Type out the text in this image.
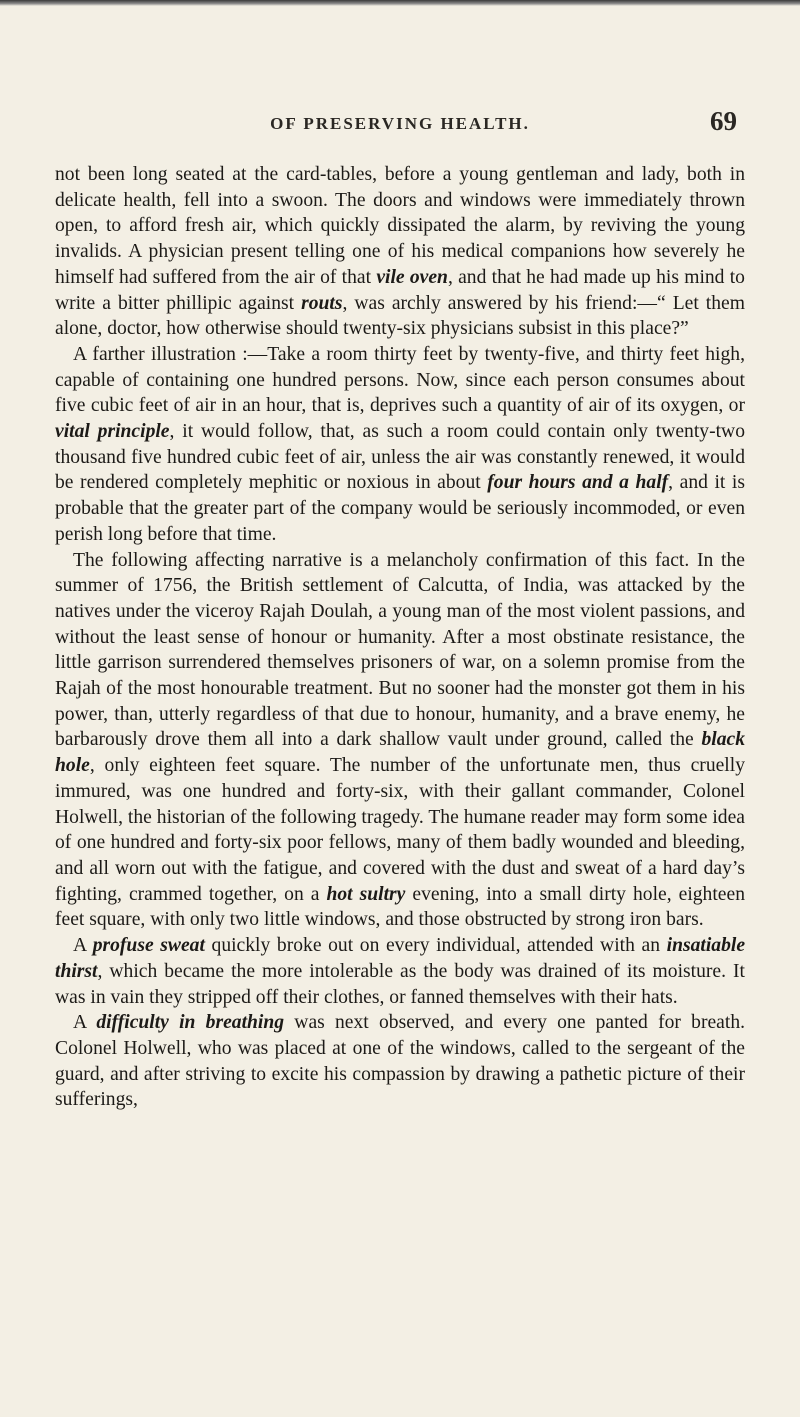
OF PRESERVING HEALTH.	69

not been long seated at the card-tables, before a young gentleman and lady, both in delicate health, fell into a swoon. The doors and windows were immediately thrown open, to afford fresh air, which quickly dissipated the alarm, by reviving the young invalids. A physician present telling one of his medical companions how severely he himself had suffered from the air of that vile oven, and that he had made up his mind to write a bitter phillipic against routs, was archly answered by his friend:—“ Let them alone, doctor, how otherwise should twenty-six physicians subsist in this place?”

A farther illustration :—Take a room thirty feet by twenty-five, and thirty feet high, capable of containing one hundred persons. Now, since each person consumes about five cubic feet of air in an hour, that is, deprives such a quantity of air of its oxygen, or vital principle, it would follow, that, as such a room could contain only twenty-two thousand five hundred cubic feet of air, unless the air was constantly renewed, it would be rendered completely mephitic or noxious in about four hours and a half, and it is probable that the greater part of the company would be seriously incommoded, or even perish long before that time.

The following affecting narrative is a melancholy confirmation of this fact. In the summer of 1756, the British settlement of Calcutta, of India, was attacked by the natives under the viceroy Rajah Doulah, a young man of the most violent passions, and without the least sense of honour or humanity. After a most obstinate resistance, the little garrison surrendered themselves prisoners of war, on a solemn promise from the Rajah of the most honourable treatment. But no sooner had the monster got them in his power, than, utterly regardless of that due to honour, humanity, and a brave enemy, he barbarously drove them all into a dark shallow vault under ground, called the black hole, only eighteen feet square. The number of the unfortunate men, thus cruelly immured, was one hundred and forty-six, with their gallant commander, Colonel Holwell, the historian of the following tragedy. The humane reader may form some idea of one hundred and forty-six poor fellows, many of them badly wounded and bleeding, and all worn out with the fatigue, and covered with the dust and sweat of a hard day’s fighting, crammed together, on a hot sultry evening, into a small dirty hole, eighteen feet square, with only two little windows, and those obstructed by strong iron bars.

A profuse sweat quickly broke out on every individual, attended with an insatiable thirst, which became the more intolerable as the body was drained of its moisture. It was in vain they stripped off their clothes, or fanned themselves with their hats.

A difficulty in breathing was next observed, and every one panted for breath. Colonel Holwell, who was placed at one of the windows, called to the sergeant of the guard, and after striving to excite his compassion by drawing a pathetic picture of their sufferings,
